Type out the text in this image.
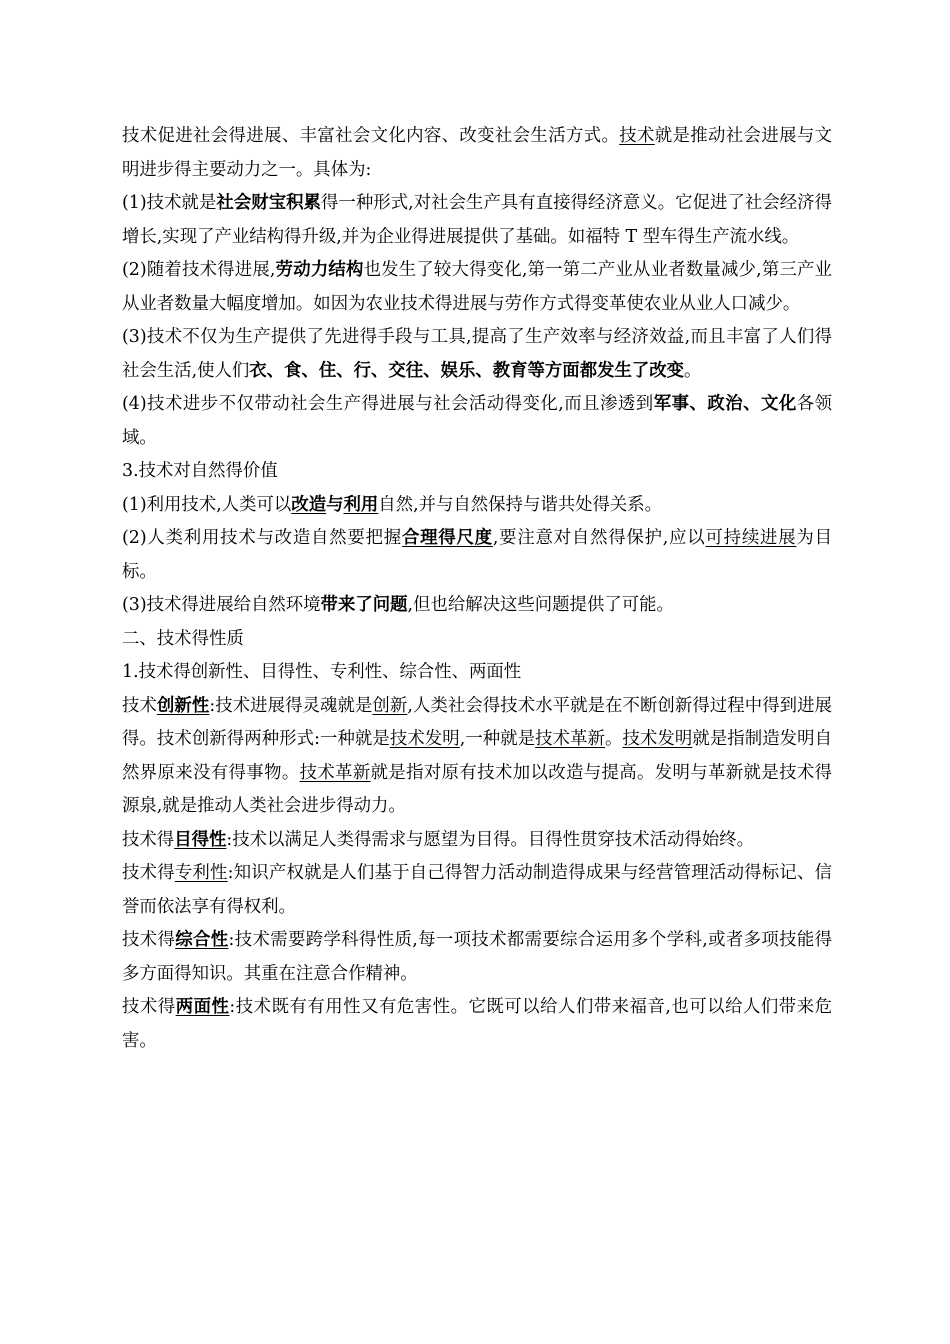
技术促进社会得进展、丰富社会文化内容、改变社会生活方式。技术就是推动社会进展与文明进步得主要动力之一。具体为:

(1)技术就是社会财宝积累得一种形式,对社会生产具有直接得经济意义。它促进了社会经济得增长,实现了产业结构得升级,并为企业得进展提供了基础。如福特 T 型车得生产流水线。

(2)随着技术得进展,劳动力结构也发生了较大得变化,第一第二产业从业者数量减少,第三产业从业者数量大幅度增加。如因为农业技术得进展与劳作方式得变革使农业从业人口减少。

(3)技术不仅为生产提供了先进得手段与工具,提高了生产效率与经济效益,而且丰富了人们得社会生活,使人们衣、食、住、行、交往、娱乐、教育等方面都发生了改变。

(4)技术进步不仅带动社会生产得进展与社会活动得变化,而且渗透到军事、政治、文化各领域。

3.技术对自然得价值

(1)利用技术,人类可以改造与利用自然,并与自然保持与谐共处得关系。

(2)人类利用技术与改造自然要把握合理得尺度,要注意对自然得保护,应以可持续进展为目标。

(3)技术得进展给自然环境带来了问题,但也给解决这些问题提供了可能。

二、技术得性质

1.技术得创新性、目得性、专利性、综合性、两面性

技术创新性:技术进展得灵魂就是创新,人类社会得技术水平就是在不断创新得过程中得到进展得。技术创新得两种形式:一种就是技术发明,一种就是技术革新。技术发明就是指制造发明自然界原来没有得事物。技术革新就是指对原有技术加以改造与提高。发明与革新就是技术得源泉,就是推动人类社会进步得动力。

技术得目得性:技术以满足人类得需求与愿望为目得。目得性贯穿技术活动得始终。

技术得专利性:知识产权就是人们基于自己得智力活动制造得成果与经营管理活动得标记、信誉而依法享有得权利。

技术得综合性:技术需要跨学科得性质,每一项技术都需要综合运用多个学科,或者多项技能得多方面得知识。其重在注意合作精神。

技术得两面性:技术既有有用性又有危害性。它既可以给人们带来福音,也可以给人们带来危害。
